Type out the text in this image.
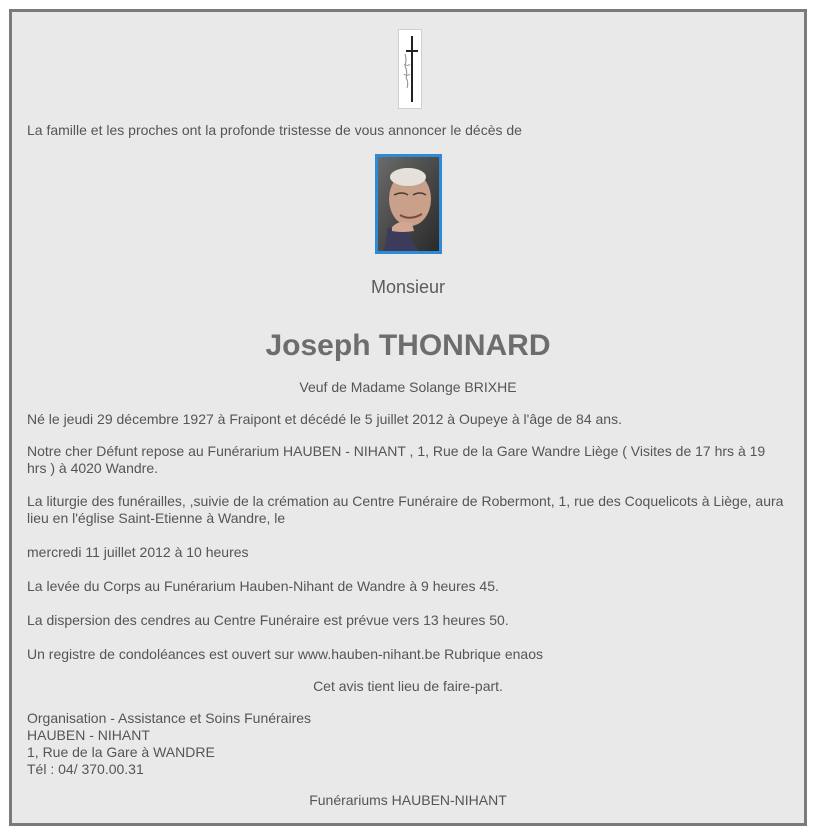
La famille et les proches ont la profonde tristesse de vous annoncer le décès de

Monsieur
Joseph THONNARD

Veuf de Madame Solange BRIXHE

Né le jeudi 29 décembre 1927 à Fraipont et décédé le 5 juillet 2012 à Oupeye à l'âge de 84 ans.

Notre cher Défunt repose au Funérarium HAUBEN - NIHANT , 1, Rue de la Gare Wandre Liège ( Visites de 17 hrs à 19 hrs ) à 4020 Wandre.

La liturgie des funérailles, ,suivie de la crémation au Centre Funéraire de Robermont, 1, rue des Coquelicots à Liège, aura lieu en l'église Saint-Etienne à Wandre, le

mercredi 11 juillet 2012 à 10 heures

La levée du Corps au Funérarium Hauben-Nihant de Wandre à 9 heures 45.

La dispersion des cendres au Centre Funéraire est prévue vers 13 heures 50.

Un registre de condoléances est ouvert sur www.hauben-nihant.be Rubrique enaos

Cet avis tient lieu de faire-part.

Organisation - Assistance et Soins Funéraires
HAUBEN - NIHANT
1, Rue de la Gare à WANDRE
Tél : 04/ 370.00.31

Funérariums HAUBEN-NIHANT
